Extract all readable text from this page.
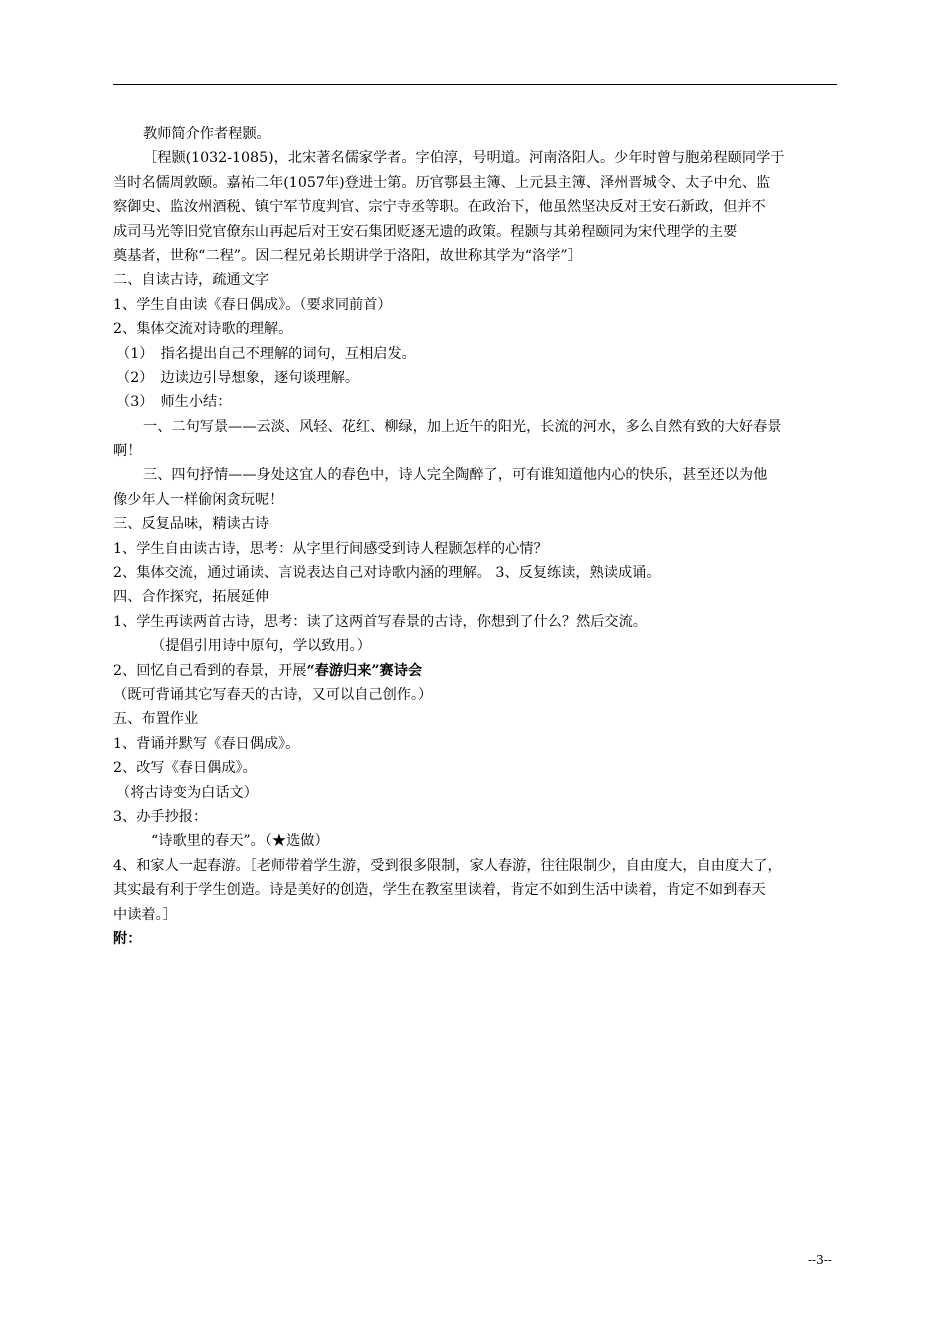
教师简介作者程颢。
［程颢(1032-1085)，北宋著名儒家学者。字伯淳，号明道。河南洛阳人。少年时曾与胞弟程颐同学于
当时名儒周敦颐。嘉祐二年(1057年)登进士第。历官鄠县主簿、上元县主簿、泽州晋城令、太子中允、监
察御史、监汝州酒税、镇宁军节度判官、宗宁寺丞等职。在政治下，他虽然坚决反对王安石新政，但并不
成司马光等旧党官僚东山再起后对王安石集团贬逐无遗的政策。程颢与其弟程颐同为宋代理学的主要
奠基者，世称“二程”。因二程兄弟长期讲学于洛阳，故世称其学为“洛学”］
二、自读古诗，疏通文字
1、学生自由读《春日偶成》。（要求同前首）
2、集体交流对诗歌的理解。
（1）　指名提出自己不理解的词句，互相启发。
（2）　边读边引导想象，逐句谈理解。
（3）　师生小结：
一、二句写景——云淡、风轻、花红、柳绿，加上近午的阳光，长流的河水，多么自然有致的大好春景
啊！
三、四句抒情——身处这宜人的春色中，诗人完全陶醉了，可有谁知道他内心的快乐，甚至还以为他
像少年人一样偷闲贪玩呢！
三、反复品味，精读古诗
1、学生自由读古诗，思考：从字里行间感受到诗人程颢怎样的心情？
2、集体交流，通过诵读、言说表达自己对诗歌内涵的理解。 3、反复练读，熟读成诵。
四、合作探究，拓展延伸
1、学生再读两首古诗，思考：读了这两首写春景的古诗，你想到了什么？然后交流。
（提倡引用诗中原句，学以致用。）
2、回忆自己看到的春景，开展“春游归来”赛诗会
（既可背诵其它写春天的古诗，又可以自己创作。）
五、布置作业
1、背诵并默写《春日偶成》。
2、改写《春日偶成》。
（将古诗变为白话文）
3、办手抄报：
“诗歌里的春天”。（★选做）
4、和家人一起春游。［老师带着学生游，受到很多限制，家人春游，往往限制少，自由度大，自由度大了，
其实最有利于学生创造。诗是美好的创造，学生在教室里读着，肯定不如到生活中读着，肯定不如到春天
中读着。］
附：
--3--
